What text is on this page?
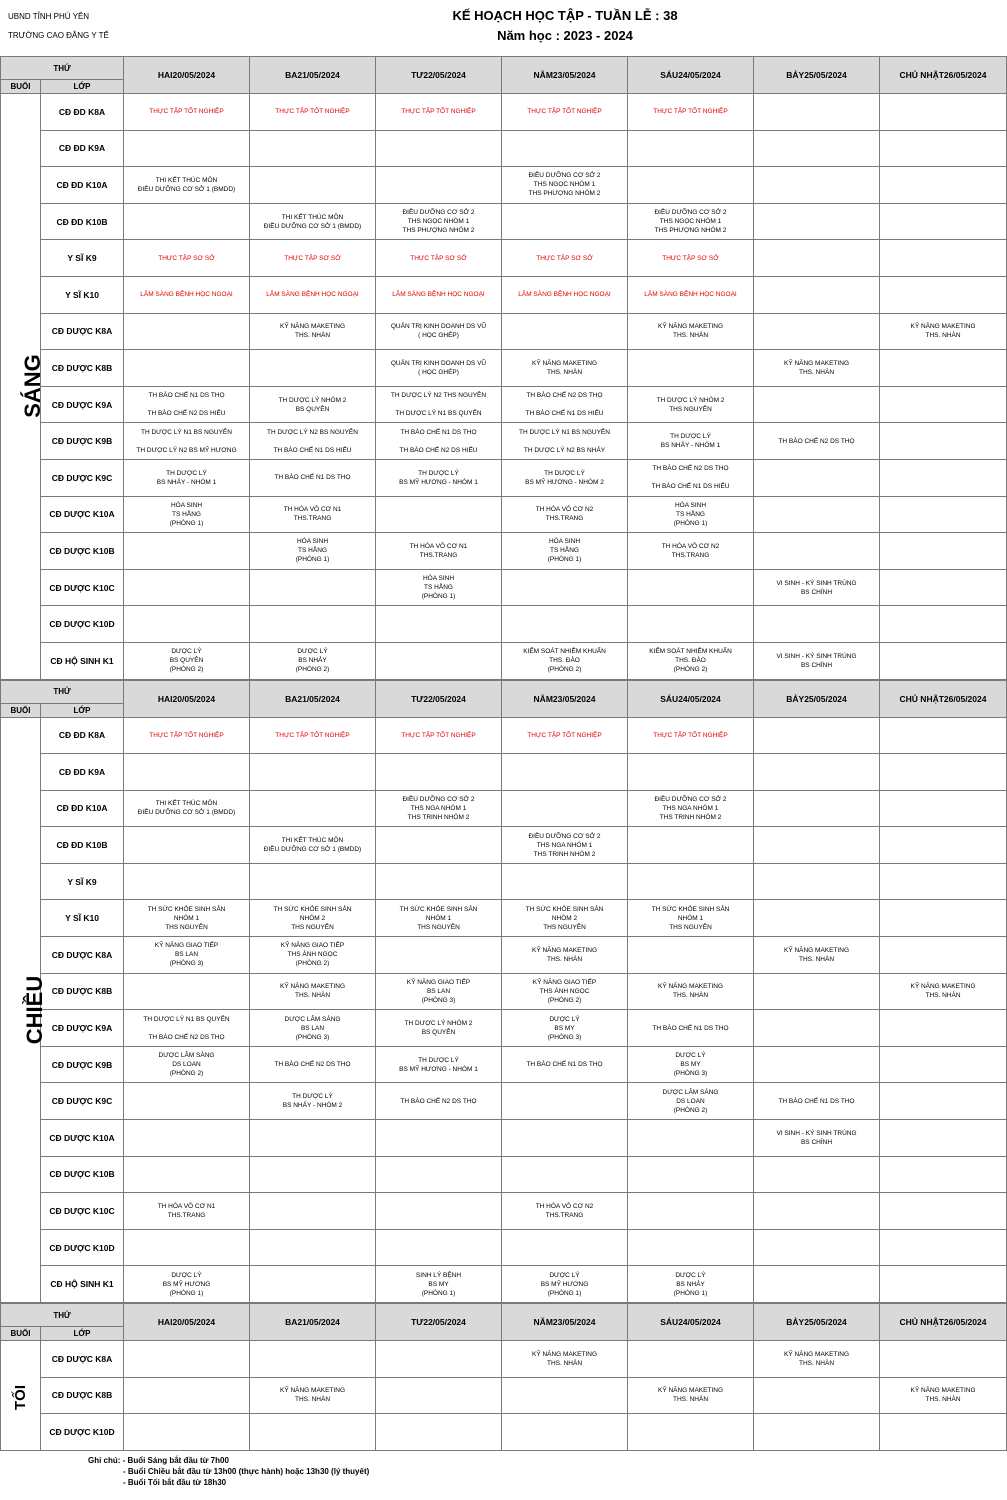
UBND TỈNH PHÚ YÊN
TRƯỜNG CAO ĐẲNG Y TẾ
KẾ HOẠCH HỌC TẬP - TUẦN LỄ : 38
Năm học : 2023 - 2024
THỨ		HAI20/05/2024	BA21/05/2024	TƯ22/05/2024	NĂM23/05/2024	SÁU24/05/2024	BẢY25/05/2024	CHỦ NHẬT26/05/2024
BUỔI	LỚP							
SÁNG	CĐ ĐD K8A	THỰC TẬP TỐT NGHIỆP	THỰC TẬP TỐT NGHIỆP	THỰC TẬP TỐT NGHIỆP	THỰC TẬP TỐT NGHIỆP	THỰC TẬP TỐT NGHIỆP		

	CĐ ĐD K9A							
	CĐ ĐD K10A	THI KẾT THÚC MÔN
ĐIỀU DƯỠNG CƠ SỞ 1 (BMDD)			ĐIỀU DƯỠNG CƠ SỞ 2
THS NGỌC NHÓM 1
THS PHƯỢNG NHÓM 2			

	CĐ ĐD K10B		THI KẾT THÚC MÔN
ĐIỀU DƯỠNG CƠ SỞ 1 (BMDD)	ĐIỀU DƯỠNG CƠ SỞ 2
THS NGỌC NHÓM 1
THS PHƯỢNG NHÓM 2		ĐIỀU DƯỠNG CƠ SỞ 2
THS NGỌC NHÓM 1
THS PHƯỢNG NHÓM 2		

	Y SĨ K9	THỰC TẬP SƠ SỞ	THỰC TẬP SƠ SỞ	THỰC TẬP SƠ SỞ	THỰC TẬP SƠ SỞ	THỰC TẬP SƠ SỞ		

	Y SĨ K10	LÂM SÀNG BỆNH HỌC NGOẠI	LÂM SÀNG BỆNH HỌC NGOẠI	LÂM SÀNG BỆNH HỌC NGOẠI	LÂM SÀNG BỆNH HỌC NGOẠI	LÂM SÀNG BỆNH HỌC NGOẠI		

	CĐ DƯỢC K8A		KỸ NĂNG MAKETING
THS. NHÀN	QUẢN TRỊ KINH DOANH DS VŨ
( HỌC GHÉP)		KỸ NĂNG MAKETING
THS. NHÀN		KỸ NĂNG MAKETING
THS. NHÀN

	CĐ DƯỢC K8B			QUẢN TRỊ KINH DOANH DS VŨ
( HỌC GHÉP)	KỸ NĂNG MAKETING
THS. NHÀN		KỸ NĂNG MAKETING
THS. NHÀN	

	CĐ DƯỢC K9A	TH BÀO CHẾ N1 DS THỌ
TH BÀO CHẾ N2 DS HIẾU	TH DƯỢC LÝ NHÓM 2
BS QUYÊN	TH DƯỢC LÝ N2 THS NGUYÊN
TH DƯỢC LÝ N1 BS QUYÊN	TH BÀO CHẾ N2 DS THỌ
TH BÀO CHẾ N1 DS HIẾU	TH DƯỢC LÝ NHÓM 2
THS NGUYÊN		

	CĐ DƯỢC K9B	TH DƯỢC LÝ N1 BS NGUYÊN
TH DƯỢC LÝ N2 BS MỸ HƯƠNG	TH DƯỢC LÝ N2 BS NGUYÊN
TH BÀO CHẾ N1 DS HIẾU	TH BÀO CHẾ N1 DS THỌ
TH BÀO CHẾ N2 DS HIẾU	TH DƯỢC LÝ N1 BS NGUYÊN
TH DƯỢC LÝ N2 BS NHẢY	TH DƯỢC LÝ
BS NHẢY - NHÓM 1	TH BÀO CHẾ N2 DS THỌ	

	CĐ DƯỢC K9C	TH DƯỢC LÝ
BS NHẢY - NHÓM 1	TH BÀO CHẾ N1 DS THỌ	TH DƯỢC LÝ
BS MỸ HƯƠNG - NHÓM 1	TH DƯỢC LÝ
BS MỸ HƯƠNG - NHÓM 2	TH BÀO CHẾ N2 DS THỌ
TH BÀO CHẾ N1 DS HIẾU		

	CĐ DƯỢC K10A	HÓA SINH
TS HẰNG
(PHÒNG 1)	TH HÓA VÔ CƠ N1
THS.TRANG		TH HÓA VÔ CƠ N2
THS.TRANG	HÓA SINH
TS HẰNG
(PHÒNG 1)		

	CĐ DƯỢC K10B		HÓA SINH
TS HẰNG
(PHÒNG 1)	TH HÓA VÔ CƠ N1
THS.TRANG	HÓA SINH
TS HẰNG
(PHÒNG 1)	TH HÓA VÔ CƠ N2
THS.TRANG		

	CĐ DƯỢC K10C			HÓA SINH
TS HẰNG
(PHÒNG 1)			VI SINH - KÝ SINH TRÙNG
BS CHÍNH	

	CĐ DƯỢC K10D							
	CĐ HỘ SINH K1	DƯỢC LÝ
BS QUYÊN
(PHÒNG 2)	DƯỢC LÝ
BS NHẢY
(PHÒNG 2)		KIỂM SOÁT NHIỄM KHUẨN
THS. ĐÀO
(PHÒNG 2)	KIỂM SOÁT NHIỄM KHUẨN
THS. ĐÀO
(PHÒNG 2)	VI SINH - KÝ SINH TRÙNG
BS CHÍNH	

THỨ		HAI20/05/2024	BA21/05/2024	TƯ22/05/2024	NĂM23/05/2024	SÁU24/05/2024	BẢY25/05/2024	CHỦ NHẬT26/05/2024
BUỔI	LỚP							
CHIỀU	CĐ ĐD K8A	THỰC TẬP TỐT NGHIỆP	THỰC TẬP TỐT NGHIỆP	THỰC TẬP TỐT NGHIỆP	THỰC TẬP TỐT NGHIỆP	THỰC TẬP TỐT NGHIỆP		

	CĐ ĐD K9A							
	CĐ ĐD K10A	THI KẾT THÚC MÔN
ĐIỀU DƯỠNG CƠ SỞ 1 (BMDD)		ĐIỀU DƯỠNG CƠ SỞ 2
THS NGA NHÓM 1
THS TRINH NHÓM 2		ĐIỀU DƯỠNG CƠ SỞ 2
THS NGA NHÓM 1
THS TRINH NHÓM 2		

	CĐ ĐD K10B		THI KẾT THÚC MÔN
ĐIỀU DƯỠNG CƠ SỞ 1 (BMDD)		ĐIỀU DƯỠNG CƠ SỞ 2
THS NGA NHÓM 1
THS TRINH NHÓM 2			

	Y SĨ K9							
	Y SĨ K10	TH SỨC KHỎE SINH SẢN
NHÓM 1
THS NGUYÊN	TH SỨC KHỎE SINH SẢN
NHÓM 2
THS NGUYÊN	TH SỨC KHỎE SINH SẢN
NHÓM 1
THS NGUYÊN	TH SỨC KHỎE SINH SẢN
NHÓM 2
THS NGUYÊN	TH SỨC KHỎE SINH SẢN
NHÓM 1
THS NGUYÊN		

	CĐ DƯỢC K8A	KỸ NĂNG GIAO TIẾP
BS LAN
(PHÒNG 3)	KỸ NĂNG GIAO TIẾP
THS ÁNH NGỌC
(PHÒNG 2)		KỸ NĂNG MAKETING
THS. NHÀN		KỸ NĂNG MAKETING
THS. NHÀN	

	CĐ DƯỢC K8B		KỸ NĂNG MAKETING
THS. NHÀN	KỸ NĂNG GIAO TIẾP
BS LAN
(PHÒNG 3)	KỸ NĂNG GIAO TIẾP
THS ÁNH NGỌC
(PHÒNG 2)	KỸ NĂNG MAKETING
THS. NHÀN		KỸ NĂNG MAKETING
THS. NHÀN

	CĐ DƯỢC K9A	TH DƯỢC LÝ N1 BS QUYÊN
TH BÀO CHẾ N2 DS THỌ	DƯỢC LÂM SÀNG
BS LAN
(PHÒNG 3)	TH DƯỢC LÝ NHÓM 2
BS QUYÊN	DƯỢC LÝ
BS MY
(PHÒNG 3)	TH BÀO CHẾ N1 DS THỌ		

	CĐ DƯỢC K9B	DƯỢC LÂM SÀNG
DS LOAN
(PHÒNG 2)	TH BÀO CHẾ N2 DS THỌ	TH DƯỢC LÝ
BS MỸ HƯƠNG - NHÓM 1	TH BÀO CHẾ N1 DS THỌ	DƯỢC LÝ
BS MY
(PHÒNG 3)		

	CĐ DƯỢC K9C		TH DƯỢC LÝ
BS NHẢY - NHÓM 2	TH BÀO CHẾ N2 DS THỌ		DƯỢC LÂM SÀNG
DS LOAN
(PHÒNG 2)	TH BÀO CHẾ N1 DS THỌ	

	CĐ DƯỢC K10A						VI SINH - KÝ SINH TRÙNG
BS CHÍNH	

	CĐ DƯỢC K10B							
	CĐ DƯỢC K10C	TH HÓA VÔ CƠ N1
THS.TRANG			TH HÓA VÔ CƠ N2
THS.TRANG			

	CĐ DƯỢC K10D							
	CĐ HỘ SINH K1	DƯỢC LÝ
BS MỸ HƯƠNG
(PHÒNG 1)		SINH LÝ BỆNH
BS MY
(PHÒNG 1)	DƯỢC LÝ
BS MỸ HƯƠNG
(PHÒNG 1)	DƯỢC LÝ
BS NHẢY
(PHÒNG 1)		

THỨ		HAI20/05/2024	BA21/05/2024	TƯ22/05/2024	NĂM23/05/2024	SÁU24/05/2024	BẢY25/05/2024	CHỦ NHẬT26/05/2024
BUỔI	LỚP							
TỐI	CĐ DƯỢC K8A				KỸ NĂNG MAKETING
THS. NHÀN		KỸ NĂNG MAKETING
THS. NHÀN	

	CĐ DƯỢC K8B		KỸ NĂNG MAKETING
THS. NHÀN			KỸ NĂNG MAKETING
THS. NHÀN		KỸ NĂNG MAKETING
THS. NHÀN

	CĐ DƯỢC K10D							
Ghi chú: - Buổi Sáng bắt đầu từ 7h00
- Buổi Chiều bắt đầu từ 13h00 (thực hành) hoặc 13h30 (lý thuyết)
- Buổi Tối bắt đầu từ 18h30
